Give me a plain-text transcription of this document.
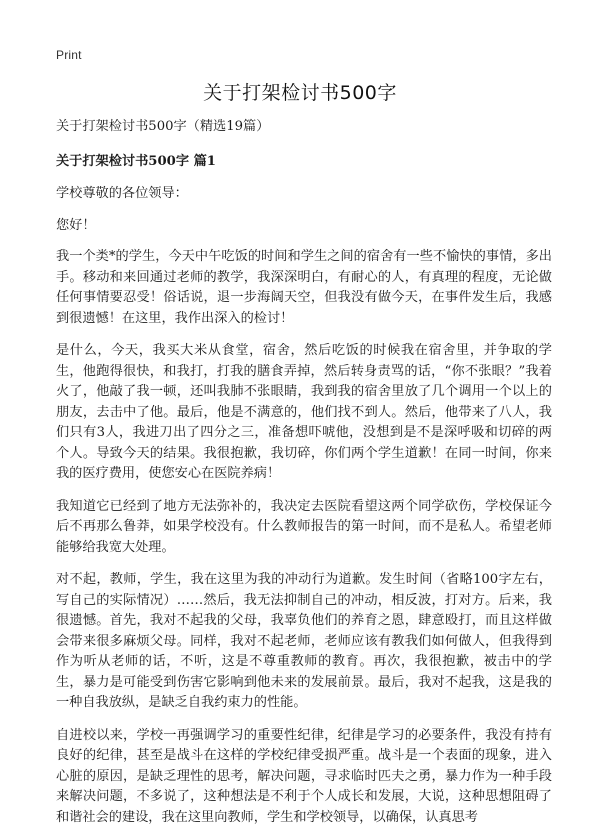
Print
关于打架检讨书500字

关于打架检讨书500字（精选19篇）

关于打架检讨书500字 篇1

学校尊敬的各位领导：

您好！

我一个类*的学生，今天中午吃饭的时间和学生之间的宿舍有一些不愉快的事情，多出手。移动和来回通过老师的教学，我深深明白，有耐心的人，有真理的程度，无论做任何事情要忍受！俗话说，退一步海阔天空，但我没有做今天，在事件发生后，我感到很遗憾！在这里，我作出深入的检讨！

是什么，今天，我买大米从食堂，宿舍，然后吃饭的时候我在宿舍里，并争取的学生，他跑得很快，和我打，打我的膳食弄掉，然后转身责骂的话，“你不张眼？”我着火了，他敲了我一顿，还叫我肺不张眼睛，我到我的宿舍里放了几个调用一个以上的朋友，去击中了他。最后，他是不满意的，他们找不到人。然后，他带来了八人，我们只有3人，我进刀出了四分之三，准备想吓唬他，没想到是不是深呼吸和切碎的两个人。导致今天的结果。我很抱歉，我切碎，你们两个学生道歉！在同一时间，你来我的医疗费用，使您安心在医院养病！

我知道它已经到了地方无法弥补的，我决定去医院看望这两个同学砍伤，学校保证今后不再那么鲁莽，如果学校没有。什么教师报告的第一时间，而不是私人。希望老师能够给我宽大处理。

对不起，教师，学生，我在这里为我的冲动行为道歉。发生时间（省略100字左右，写自己的实际情况）……然后，我无法抑制自己的冲动，相反波，打对方。后来，我很遗憾。首先，我对不起我的父母，我辜负他们的养育之恩，肆意殴打，而且这样做会带来很多麻烦父母。同样，我对不起老师，老师应该有教我们如何做人，但我得到作为听从老师的话，不听，这是不尊重教师的教育。再次，我很抱歉，被击中的学生，暴力是可能受到伤害它影响到他未来的发展前景。最后，我对不起我，这是我的一种自我放纵，是缺乏自我约束力的性能。

自进校以来，学校一再强调学习的重要性纪律，纪律是学习的必要条件，我没有持有良好的纪律，甚至是战斗在这样的学校纪律受损严重。战斗是一个表面的现象，进入心脏的原因，是缺乏理性的思考，解决问题，寻求临时匹夫之勇，暴力作为一种手段来解决问题，不多说了，这种想法是不利于个人成长和发展，大说，这种思想阻碍了和谐社会的建设，我在这里向教师，学生和学校领导，以确保，认真思考
